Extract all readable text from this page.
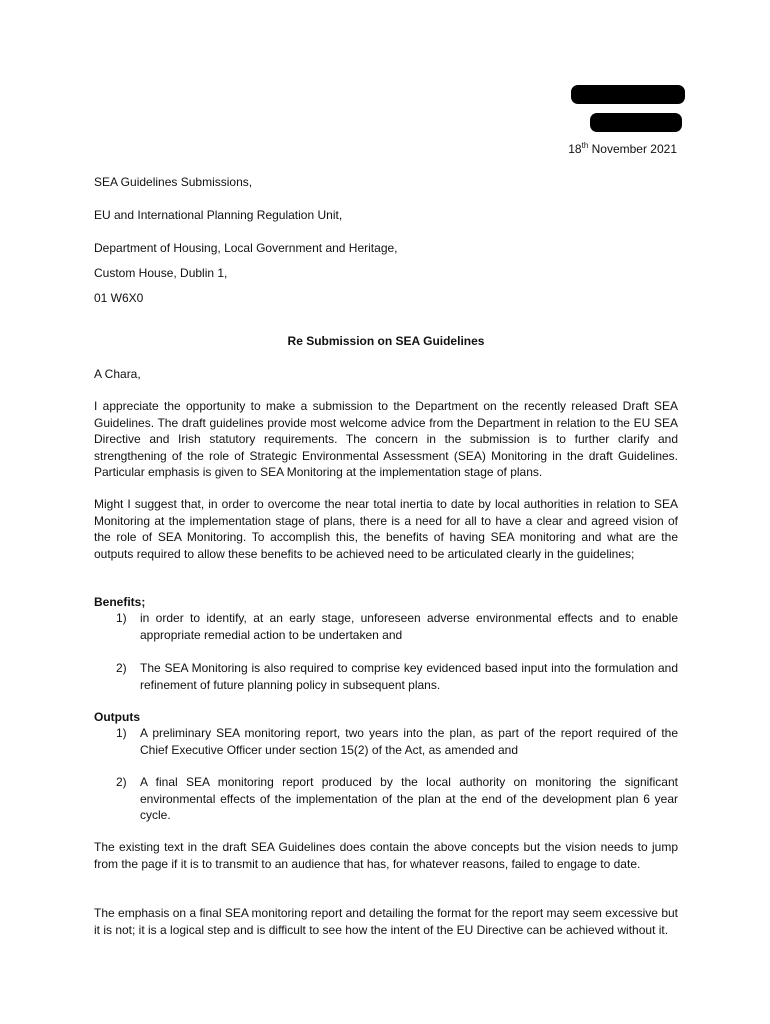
18th November 2021
SEA Guidelines Submissions,
EU and International Planning Regulation Unit,
Department of Housing, Local Government and Heritage,
Custom House, Dublin 1,
01 W6X0
Re Submission on SEA Guidelines
A Chara,

I appreciate the opportunity to make a submission to the Department on the recently released Draft SEA Guidelines. The draft guidelines provide most welcome advice from the Department in relation to the EU SEA Directive and Irish statutory requirements. The concern in the submission is to further clarify and strengthening of the role of Strategic Environmental Assessment (SEA) Monitoring in the draft Guidelines. Particular emphasis is given to SEA Monitoring at the implementation stage of plans.

Might I suggest that, in order to overcome the near total inertia to date by local authorities in relation to SEA Monitoring at the implementation stage of plans, there is a need for all to have a clear and agreed vision of the role of SEA Monitoring. To accomplish this, the benefits of having SEA monitoring and what are the outputs required to allow these benefits to be achieved need to be articulated clearly in the guidelines;

Benefits;
1) in order to identify, at an early stage, unforeseen adverse environmental effects and to enable appropriate remedial action to be undertaken and
2) The SEA Monitoring is also required to comprise key evidenced based input into the formulation and refinement of future planning policy in subsequent plans.
Outputs
1) A preliminary SEA monitoring report, two years into the plan, as part of the report required of the Chief Executive Officer under section 15(2) of the Act, as amended and
2) A final SEA monitoring report produced by the local authority on monitoring the significant environmental effects of the implementation of the plan at the end of the development plan 6 year cycle.

The existing text in the draft SEA Guidelines does contain the above concepts but the vision needs to jump from the page if it is to transmit to an audience that has, for whatever reasons, failed to engage to date.

The emphasis on a final SEA monitoring report and detailing the format for the report may seem excessive but it is not; it is a logical step and is difficult to see how the intent of the EU Directive can be achieved without it.
